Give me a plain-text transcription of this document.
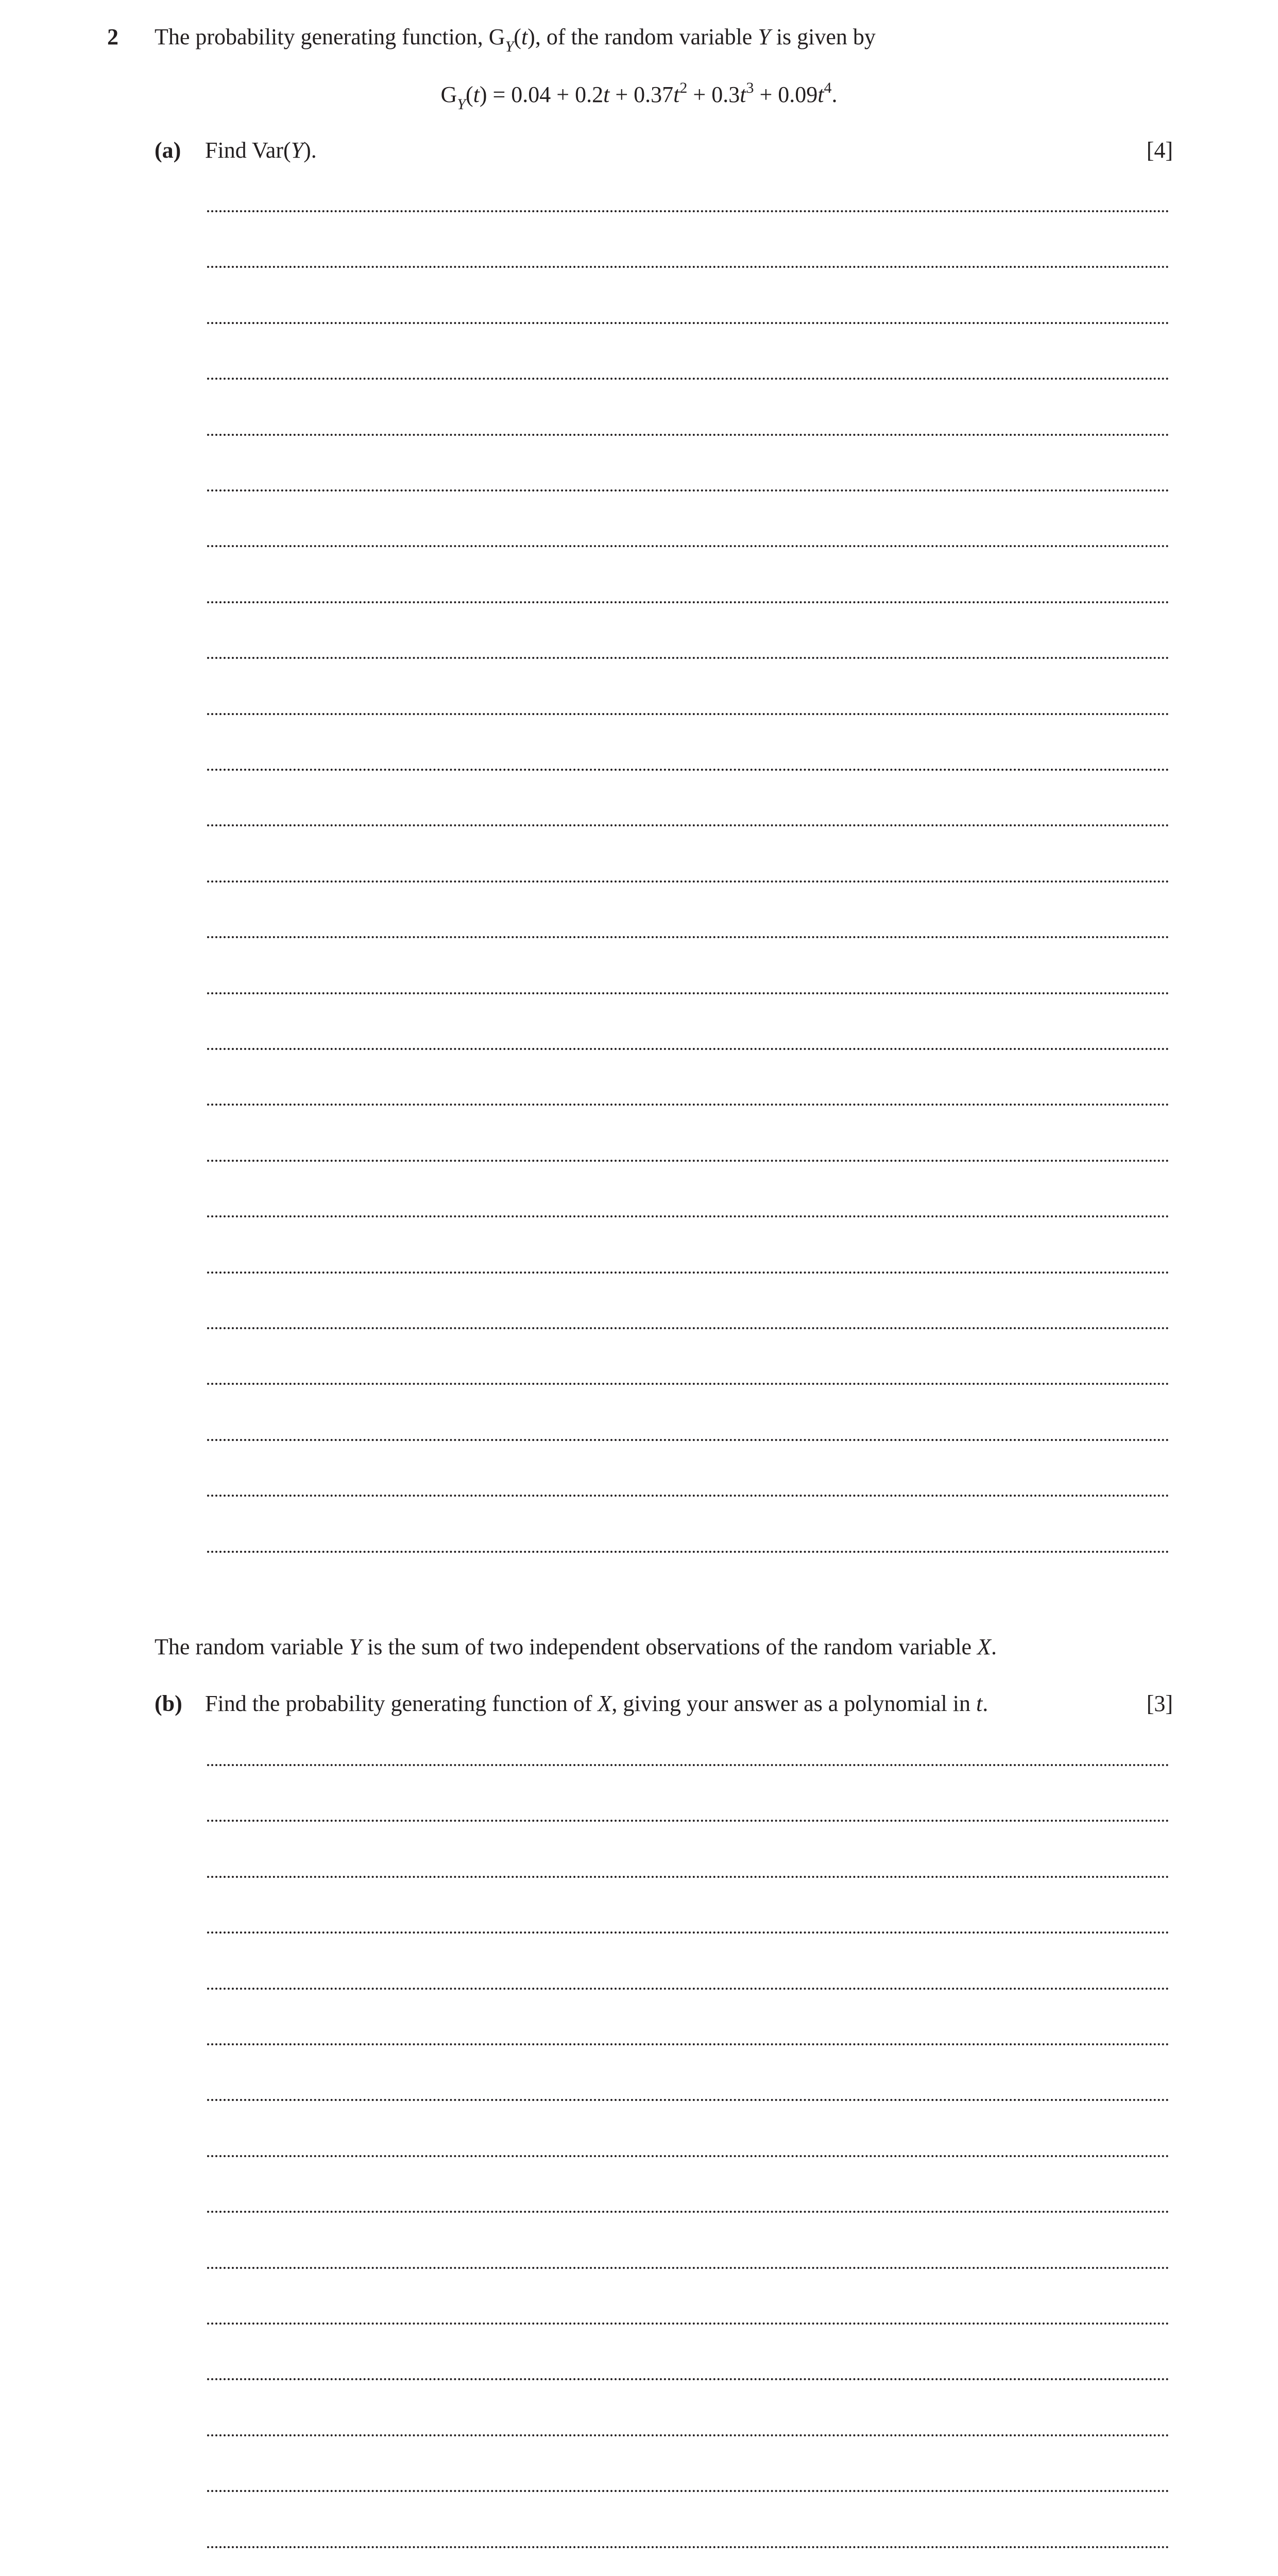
2 The probability generating function, $G_Y(t)$, of the random variable Y is given by
$G_Y(t) = 0.04 + 0.2t + 0.37t^2 + 0.3t^3 + 0.09t^4$.
(a) Find Var(Y).	[4]
The random variable Y is the sum of two independent observations of the random variable X.
(b) Find the probability generating function of X, giving your answer as a polynomial in t.	[3]
